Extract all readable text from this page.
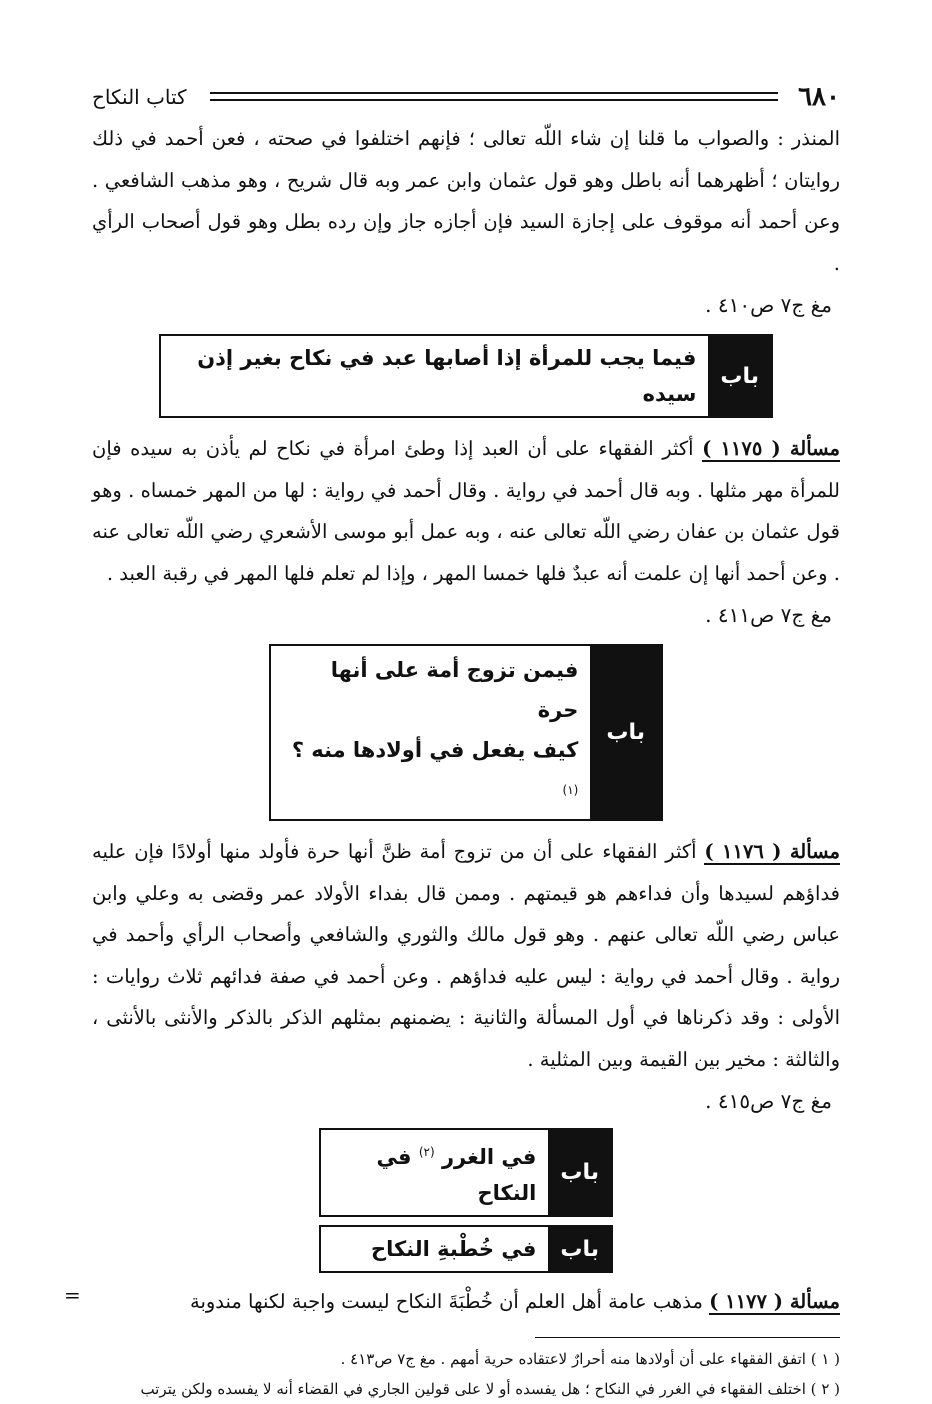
٦٨٠
كتاب النكاح

المنذر : والصواب ما قلنا إن شاء اللّه تعالى ؛ فإنهم اختلفوا في صحته ، فعن أحمد في ذلك روايتان ؛ أظهرهما أنه باطل وهو قول عثمان وابن عمر وبه قال شريح ، وهو مذهب الشافعي . وعن أحمد أنه موقوف على إجازة السيد فإن أجازه جاز وإن رده بطل وهو قول أصحاب الرأي .

مغ ج٧ ص٤١٠ .

باب
فيما يجب للمرأة إذا أصابها عبد في نكاح بغير إذن سيده

مسألة ( ١١٧٥ ) أكثر الفقهاء على أن العبد إذا وطئ امرأة في نكاح لم يأذن به سيده فإن للمرأة مهر مثلها . وبه قال أحمد في رواية . وقال أحمد في رواية : لها من المهر خمساه . وهو قول عثمان بن عفان رضي اللّه تعالى عنه ، وبه عمل أبو موسى الأشعري رضي اللّه تعالى عنه . وعن أحمد أنها إن علمت أنه عبدٌ فلها خمسا المهر ، وإذا لم تعلم فلها المهر في رقبة العبد .

مغ ج٧ ص٤١١ .

باب
فيمن تزوج أمة على أنها حرة
كيف يفعل في أولادها منه ؟ $^{(١)}$

مسألة ( ١١٧٦ ) أكثر الفقهاء على أن من تزوج أمة ظنَّ أنها حرة فأولد منها أولادًا فإن عليه فداؤهم لسيدها وأن فداءهم هو قيمتهم . وممن قال بفداء الأولاد عمر وقضى به وعلي وابن عباس رضي اللّه تعالى عنهم . وهو قول مالك والثوري والشافعي وأصحاب الرأي وأحمد في رواية . وقال أحمد في رواية : ليس عليه فداؤهم . وعن أحمد في صفة فدائهم ثلاث روايات : الأولى : وقد ذكرناها في أول المسألة والثانية : يضمنهم بمثلهم الذكر بالذكر والأنثى بالأنثى ، والثالثة : مخير بين القيمة وبين المثلية .

مغ ج٧ ص٤١٥ .

باب
في الغرر $^{(٢)}$ في النكاح
باب
في خُطْبةِ النكاح

مسألة ( ١١٧٧ ) مذهب عامة أهل العلم أن خُطْبَةَ النكاح ليست واجبة لكنها مندوبة

( ١ ) اتفق الفقهاء على أن أولادها منه أحرارٌ لاعتقاده حرية أمهم . مغ ج٧ ص٤١٣ .

( ٢ ) اختلف الفقهاء في الغرر في النكاح ؛ هل يفسده أو لا على قولين الجاري في القضاء أنه لا يفسده ولكن يترتب

=
